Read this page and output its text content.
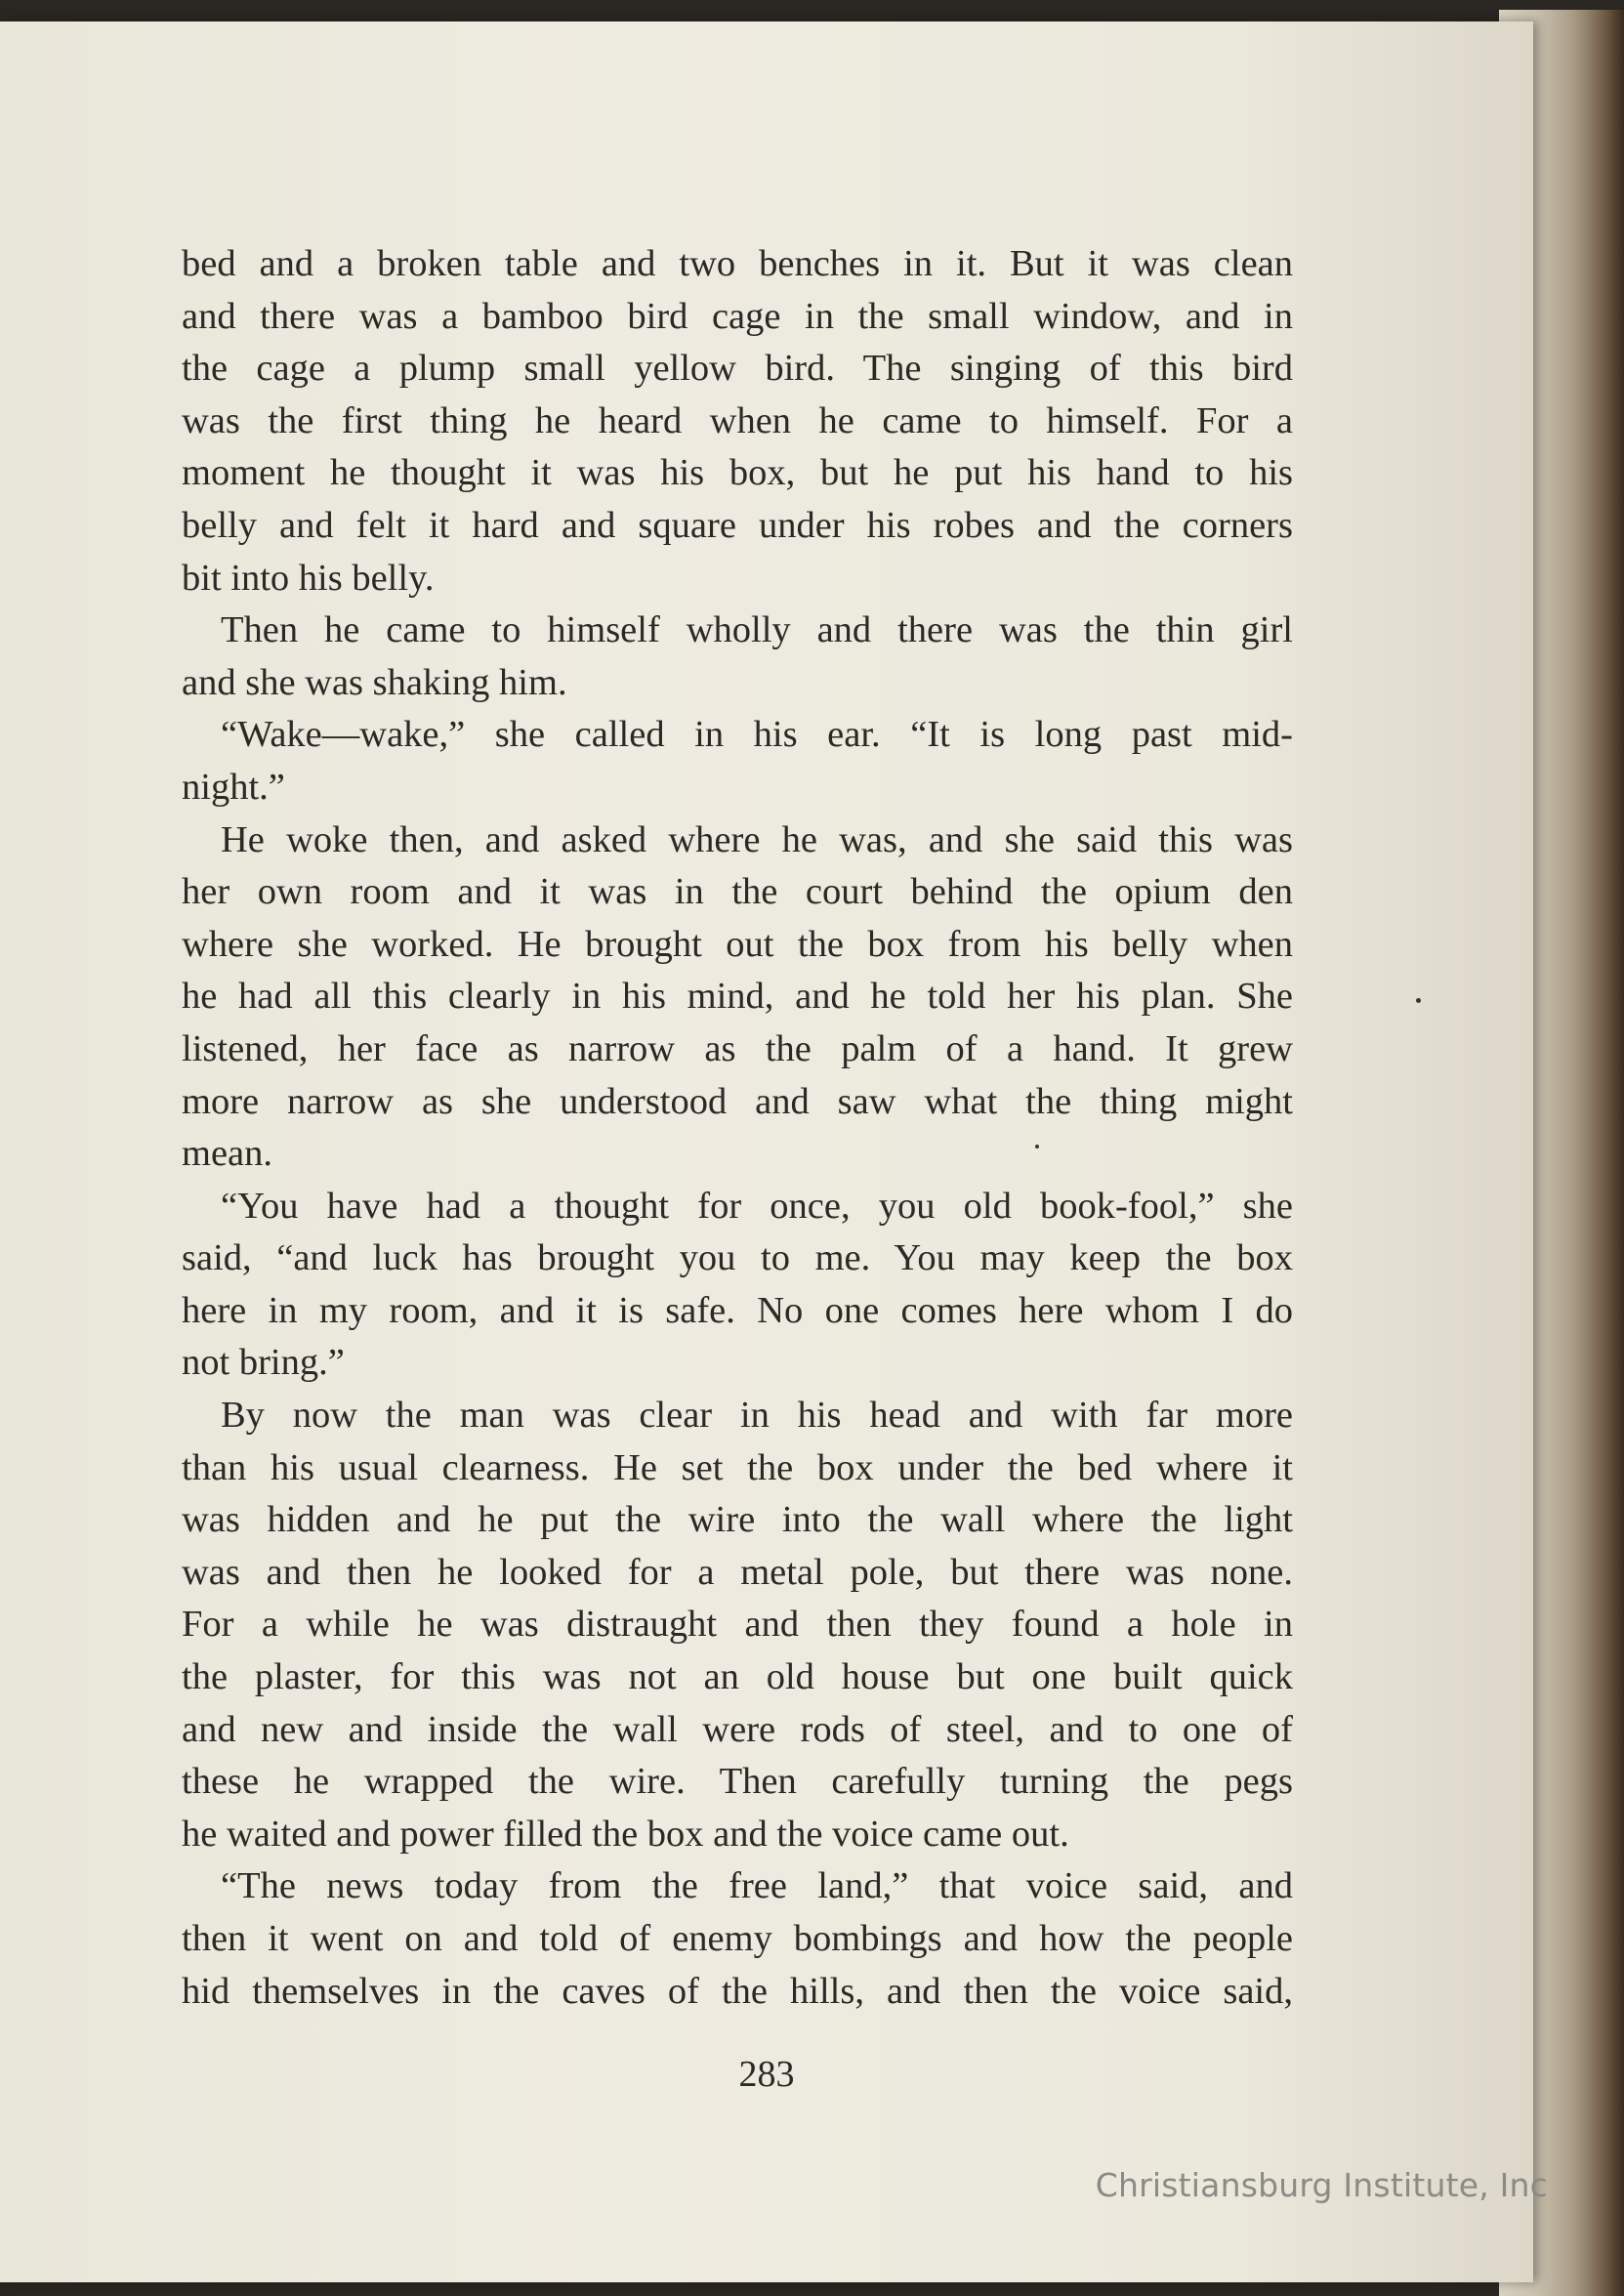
bed and a broken table and two benches in it. But it was clean
and there was a bamboo bird cage in the small window, and in
the cage a plump small yellow bird. The singing of this bird
was the first thing he heard when he came to himself. For a
moment he thought it was his box, but he put his hand to his
belly and felt it hard and square under his robes and the corners
bit into his belly.
Then he came to himself wholly and there was the thin girl
and she was shaking him.
“Wake—wake,” she called in his ear. “It is long past mid-
night.”
He woke then, and asked where he was, and she said this was
her own room and it was in the court behind the opium den
where she worked. He brought out the box from his belly when
he had all this clearly in his mind, and he told her his plan. She
listened, her face as narrow as the palm of a hand. It grew
more narrow as she understood and saw what the thing might
mean.
“You have had a thought for once, you old book-fool,” she
said, “and luck has brought you to me. You may keep the box
here in my room, and it is safe. No one comes here whom I do
not bring.”
By now the man was clear in his head and with far more
than his usual clearness. He set the box under the bed where it
was hidden and he put the wire into the wall where the light
was and then he looked for a metal pole, but there was none.
For a while he was distraught and then they found a hole in
the plaster, for this was not an old house but one built quick
and new and inside the wall were rods of steel, and to one of
these he wrapped the wire. Then carefully turning the pegs
he waited and power filled the box and the voice came out.
“The news today from the free land,” that voice said, and
then it went on and told of enemy bombings and how the people
hid themselves in the caves of the hills, and then the voice said,
283
Christiansburg Institute, Inc
